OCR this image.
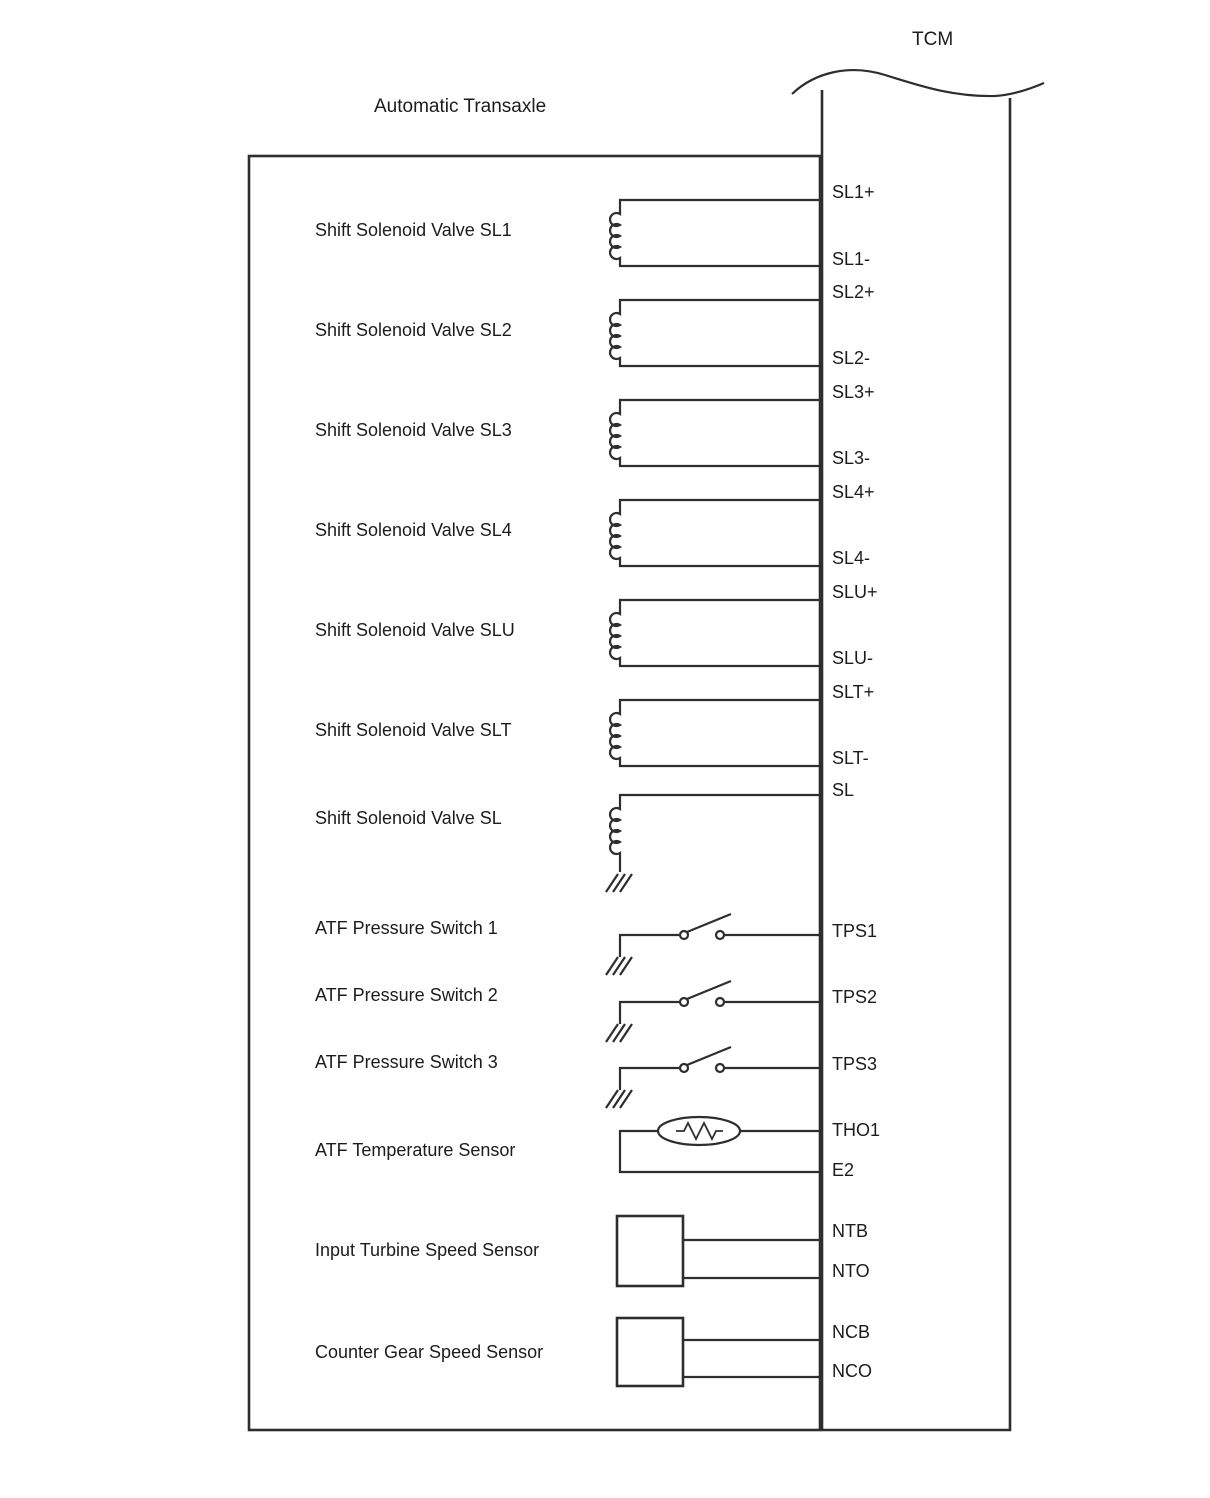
Automatic Transaxle
TCM
Shift Solenoid Valve SL1
Shift Solenoid Valve SL2
Shift Solenoid Valve SL3
Shift Solenoid Valve SL4
Shift Solenoid Valve SLU
Shift Solenoid Valve SLT
Shift Solenoid Valve SL
ATF Pressure Switch 1
ATF Pressure Switch 2
ATF Pressure Switch 3
ATF Temperature Sensor
Input Turbine Speed Sensor
Counter Gear Speed Sensor
SL1+
SL1-
SL2+
SL2-
SL3+
SL3-
SL4+
SL4-
SLU+
SLU-
SLT+
SLT-
SL
TPS1
TPS2
TPS3
THO1
E2
NTB
NTO
NCB
NCO
